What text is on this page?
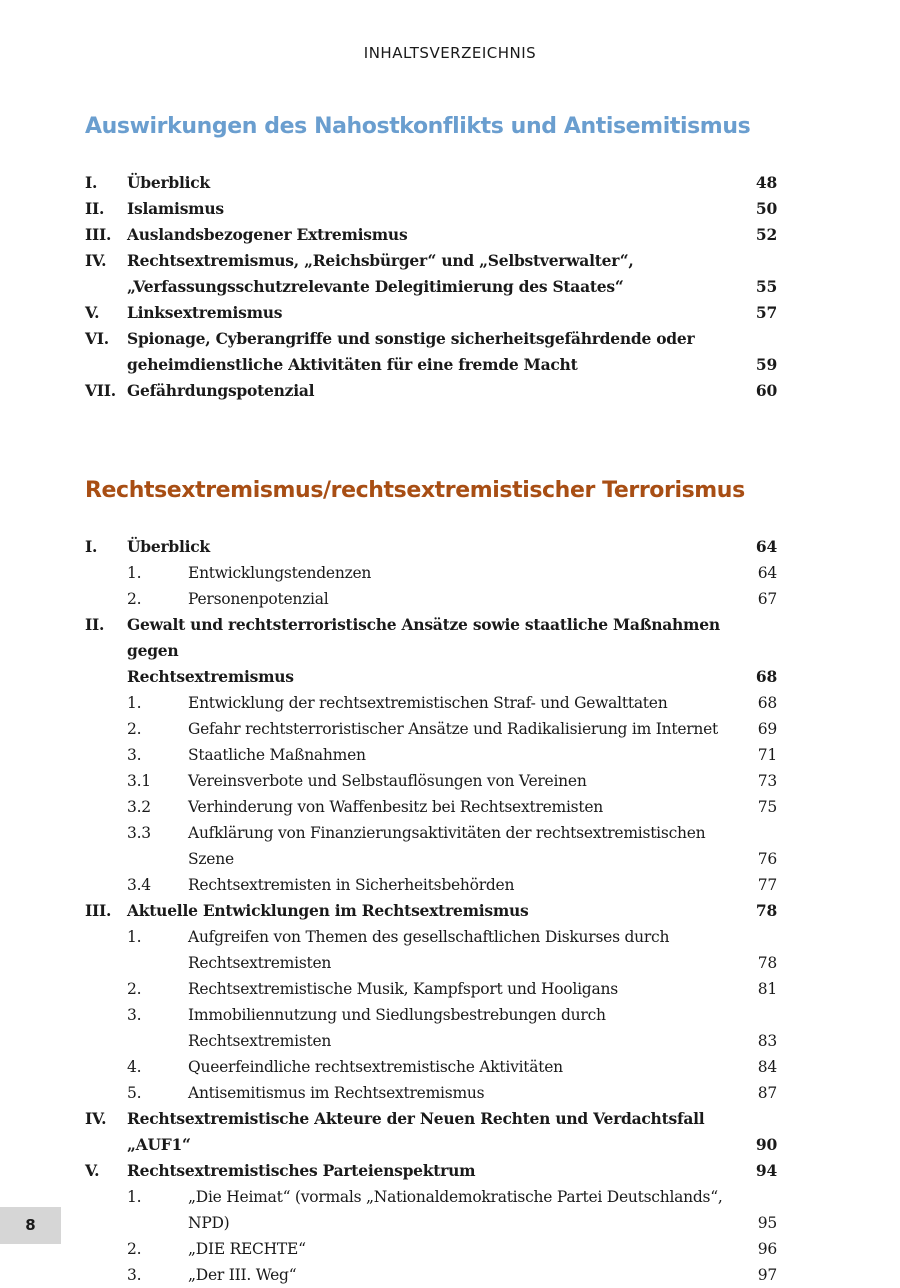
INHALTSVERZEICHNIS
Auswirkungen des Nahostkonflikts und Antisemitismus
I.	Überblick	48
II.	Islamismus	50
III.	Auslandsbezogener Extremismus	52
IV.	Rechtsextremismus, „Reichsbürger“ und „Selbstverwalter“,
„Verfassungsschutzrelevante Delegitimierung des Staates“	55
V.	Linksextremismus	57
VI.	Spionage, Cyberangriffe und sonstige sicherheitsgefährdende oder
geheimdienstliche Aktivitäten für eine fremde Macht	59
VII. Gefährdungspotenzial	60
Rechtsextremismus/rechtsextremistischer Terrorismus
I.	Überblick	64
1.	Entwicklungstendenzen	64
2.	Personenpotenzial	67
II.	Gewalt und rechtsterroristische Ansätze sowie staatliche Maßnahmen gegen
Rechtsextremismus	68
1.	Entwicklung der rechtsextremistischen Straf- und Gewalttaten	68
2.	Gefahr rechtsterroristischer Ansätze und Radikalisierung im Internet	69
3.	Staatliche Maßnahmen	71
3.1	Vereinsverbote und Selbstauflösungen von Vereinen	73
3.2	Verhinderung von Waffenbesitz bei Rechtsextremisten	75
3.3	Aufklärung von Finanzierungsaktivitäten der rechtsextremistischen Szene	76
3.4	Rechtsextremisten in Sicherheitsbehörden	77
III.	Aktuelle Entwicklungen im Rechtsextremismus	78
1.	Aufgreifen von Themen des gesellschaftlichen Diskurses durch
Rechtsextremisten	78
2.	Rechtsextremistische Musik, Kampfsport und Hooligans	81
3.	Immobiliennutzung und Siedlungsbestrebungen durch
Rechtsextremisten	83
4.	Queerfeindliche rechtsextremistische Aktivitäten	84
5.	Antisemitismus im Rechtsextremismus	87
IV.	Rechtsextremistische Akteure der Neuen Rechten und Verdachtsfall „AUF1“	90
V.	Rechtsextremistisches Parteienspektrum	94
1.	„Die Heimat“ (vormals „Nationaldemokratische Partei Deutschlands“,
NPD)	95
2.	„DIE RECHTE“	96
3.	„Der III. Weg“	97
8
